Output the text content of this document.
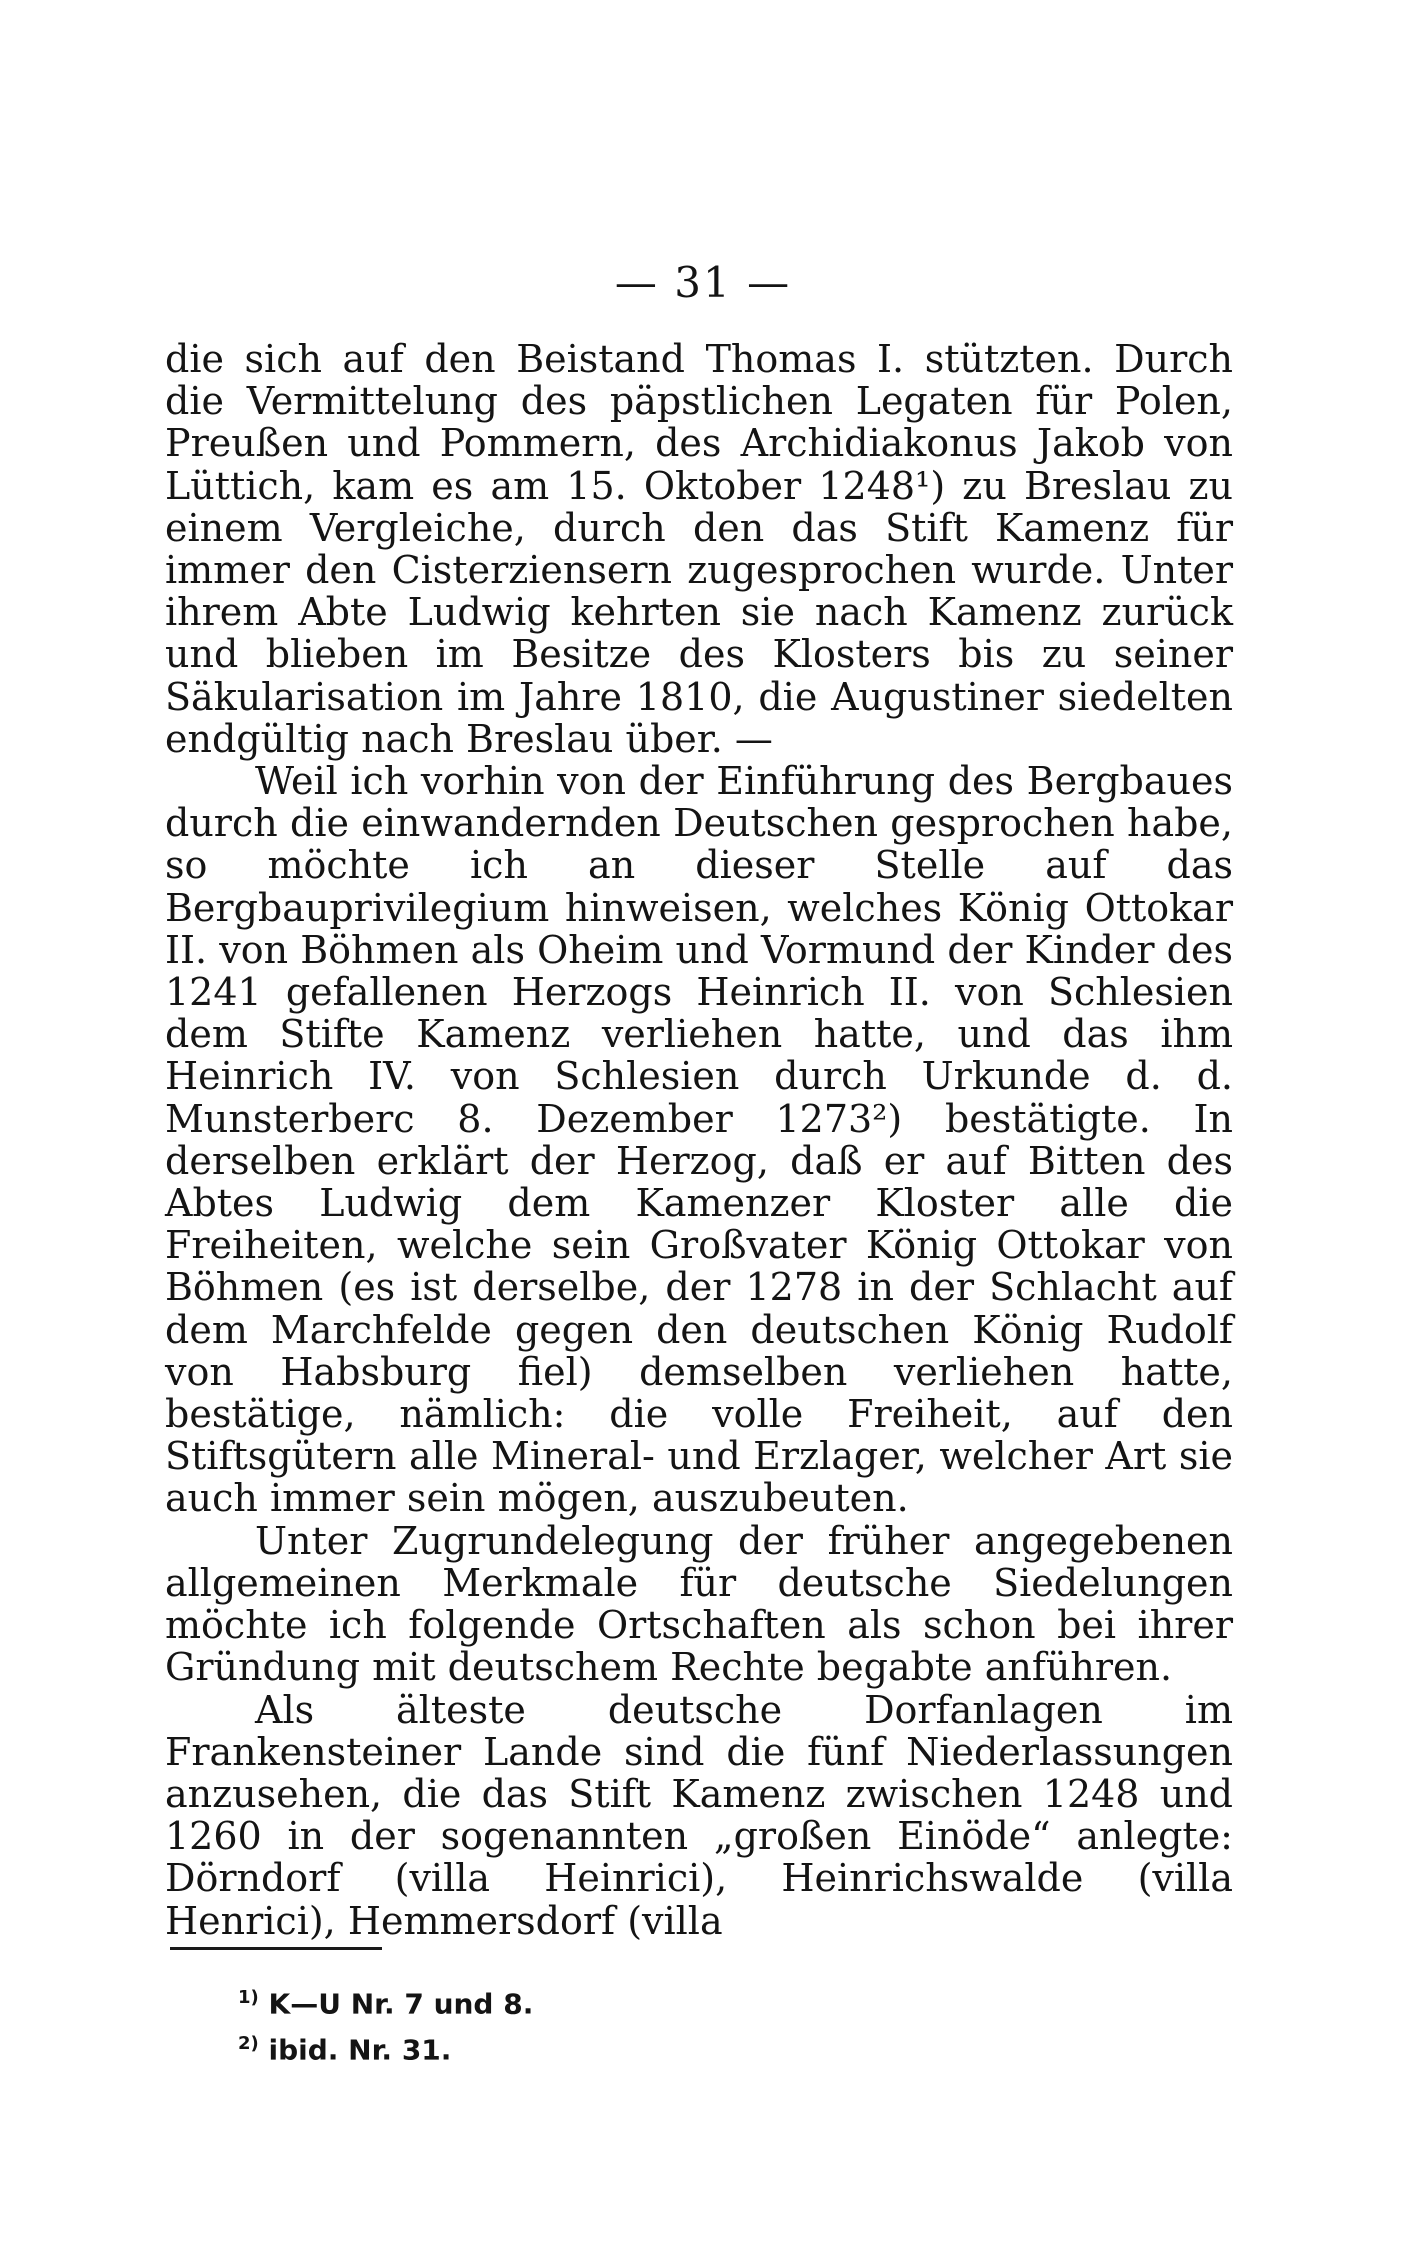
— 31 —

die sich auf den Beistand Thomas I. stützten. Durch die Vermittelung des päpstlichen Legaten für Polen, Preußen und Pommern, des Archidiakonus Jakob von Lüttich, kam es am 15. Oktober 1248¹) zu Breslau zu einem Vergleiche, durch den das Stift Kamenz für immer den Cisterziensern zugesprochen wurde. Unter ihrem Abte Ludwig kehrten sie nach Kamenz zurück und blieben im Besitze des Klosters bis zu seiner Säkularisation im Jahre 1810, die Augustiner siedelten endgültig nach Breslau über. —

Weil ich vorhin von der Einführung des Bergbaues durch die einwandernden Deutschen gesprochen habe, so möchte ich an dieser Stelle auf das Bergbauprivilegium hinweisen, welches König Ottokar II. von Böhmen als Oheim und Vormund der Kinder des 1241 gefallenen Herzogs Heinrich II. von Schlesien dem Stifte Kamenz verliehen hatte, und das ihm Heinrich IV. von Schlesien durch Urkunde d. d. Munsterberc 8. Dezember 1273²) bestätigte. In derselben erklärt der Herzog, daß er auf Bitten des Abtes Ludwig dem Kamenzer Kloster alle die Freiheiten, welche sein Großvater König Ottokar von Böhmen (es ist derselbe, der 1278 in der Schlacht auf dem Marchfelde gegen den deutschen König Rudolf von Habsburg fiel) demselben verliehen hatte, bestätige, nämlich: die volle Freiheit, auf den Stiftsgütern alle Mineral- und Erzlager, welcher Art sie auch immer sein mögen, auszubeuten.

Unter Zugrundelegung der früher angegebenen allgemeinen Merkmale für deutsche Siedelungen möchte ich folgende Ortschaften als schon bei ihrer Gründung mit deutschem Rechte begabte anführen.

Als älteste deutsche Dorfanlagen im Frankensteiner Lande sind die fünf Niederlassungen anzusehen, die das Stift Kamenz zwischen 1248 und 1260 in der sogenannten „großen Einöde“ anlegte: Dörndorf (villa Heinrici), Heinrichswalde (villa Henrici), Hemmersdorf (villa

$^{1)}$ K—U Nr. 7 und 8.
$^{2)}$ ibid. Nr. 31.
